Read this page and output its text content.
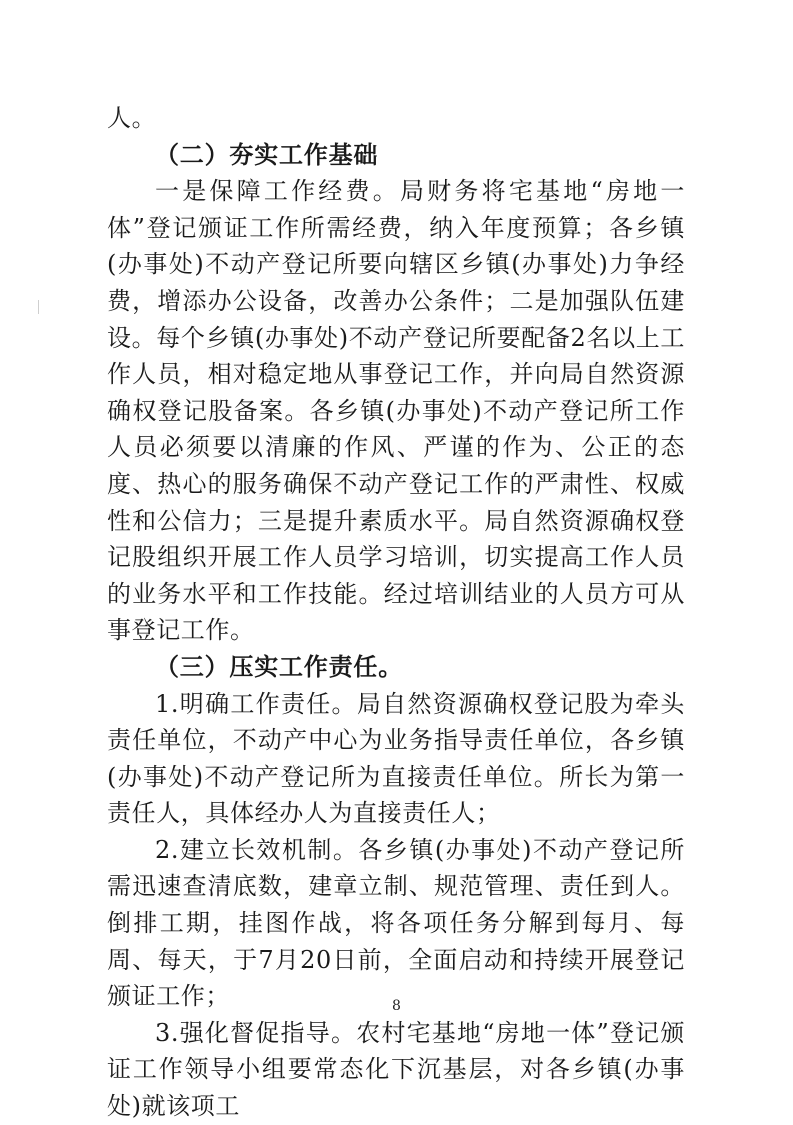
人。

（二）夯实工作基础

一是保障工作经费。局财务将宅基地“房地一体”登记颁证工作所需经费，纳入年度预算；各乡镇(办事处)不动产登记所要向辖区乡镇(办事处)力争经费，增添办公设备，改善办公条件；二是加强队伍建设。每个乡镇(办事处)不动产登记所要配备2名以上工作人员，相对稳定地从事登记工作，并向局自然资源确权登记股备案。各乡镇(办事处)不动产登记所工作人员必须要以清廉的作风、严谨的作为、公正的态度、热心的服务确保不动产登记工作的严肃性、权威性和公信力；三是提升素质水平。局自然资源确权登记股组织开展工作人员学习培训，切实提高工作人员的业务水平和工作技能。经过培训结业的人员方可从事登记工作。

（三）压实工作责任。

1.明确工作责任。局自然资源确权登记股为牵头责任单位，不动产中心为业务指导责任单位，各乡镇(办事处)不动产登记所为直接责任单位。所长为第一责任人，具体经办人为直接责任人；

2.建立长效机制。各乡镇(办事处)不动产登记所需迅速查清底数，建章立制、规范管理、责任到人。倒排工期，挂图作战，将各项任务分解到每月、每周、每天，于7月20日前，全面启动和持续开展登记颁证工作；

3.强化督促指导。农村宅基地“房地一体”登记颁证工作领导小组要常态化下沉基层，对各乡镇(办事处)就该项工

8
